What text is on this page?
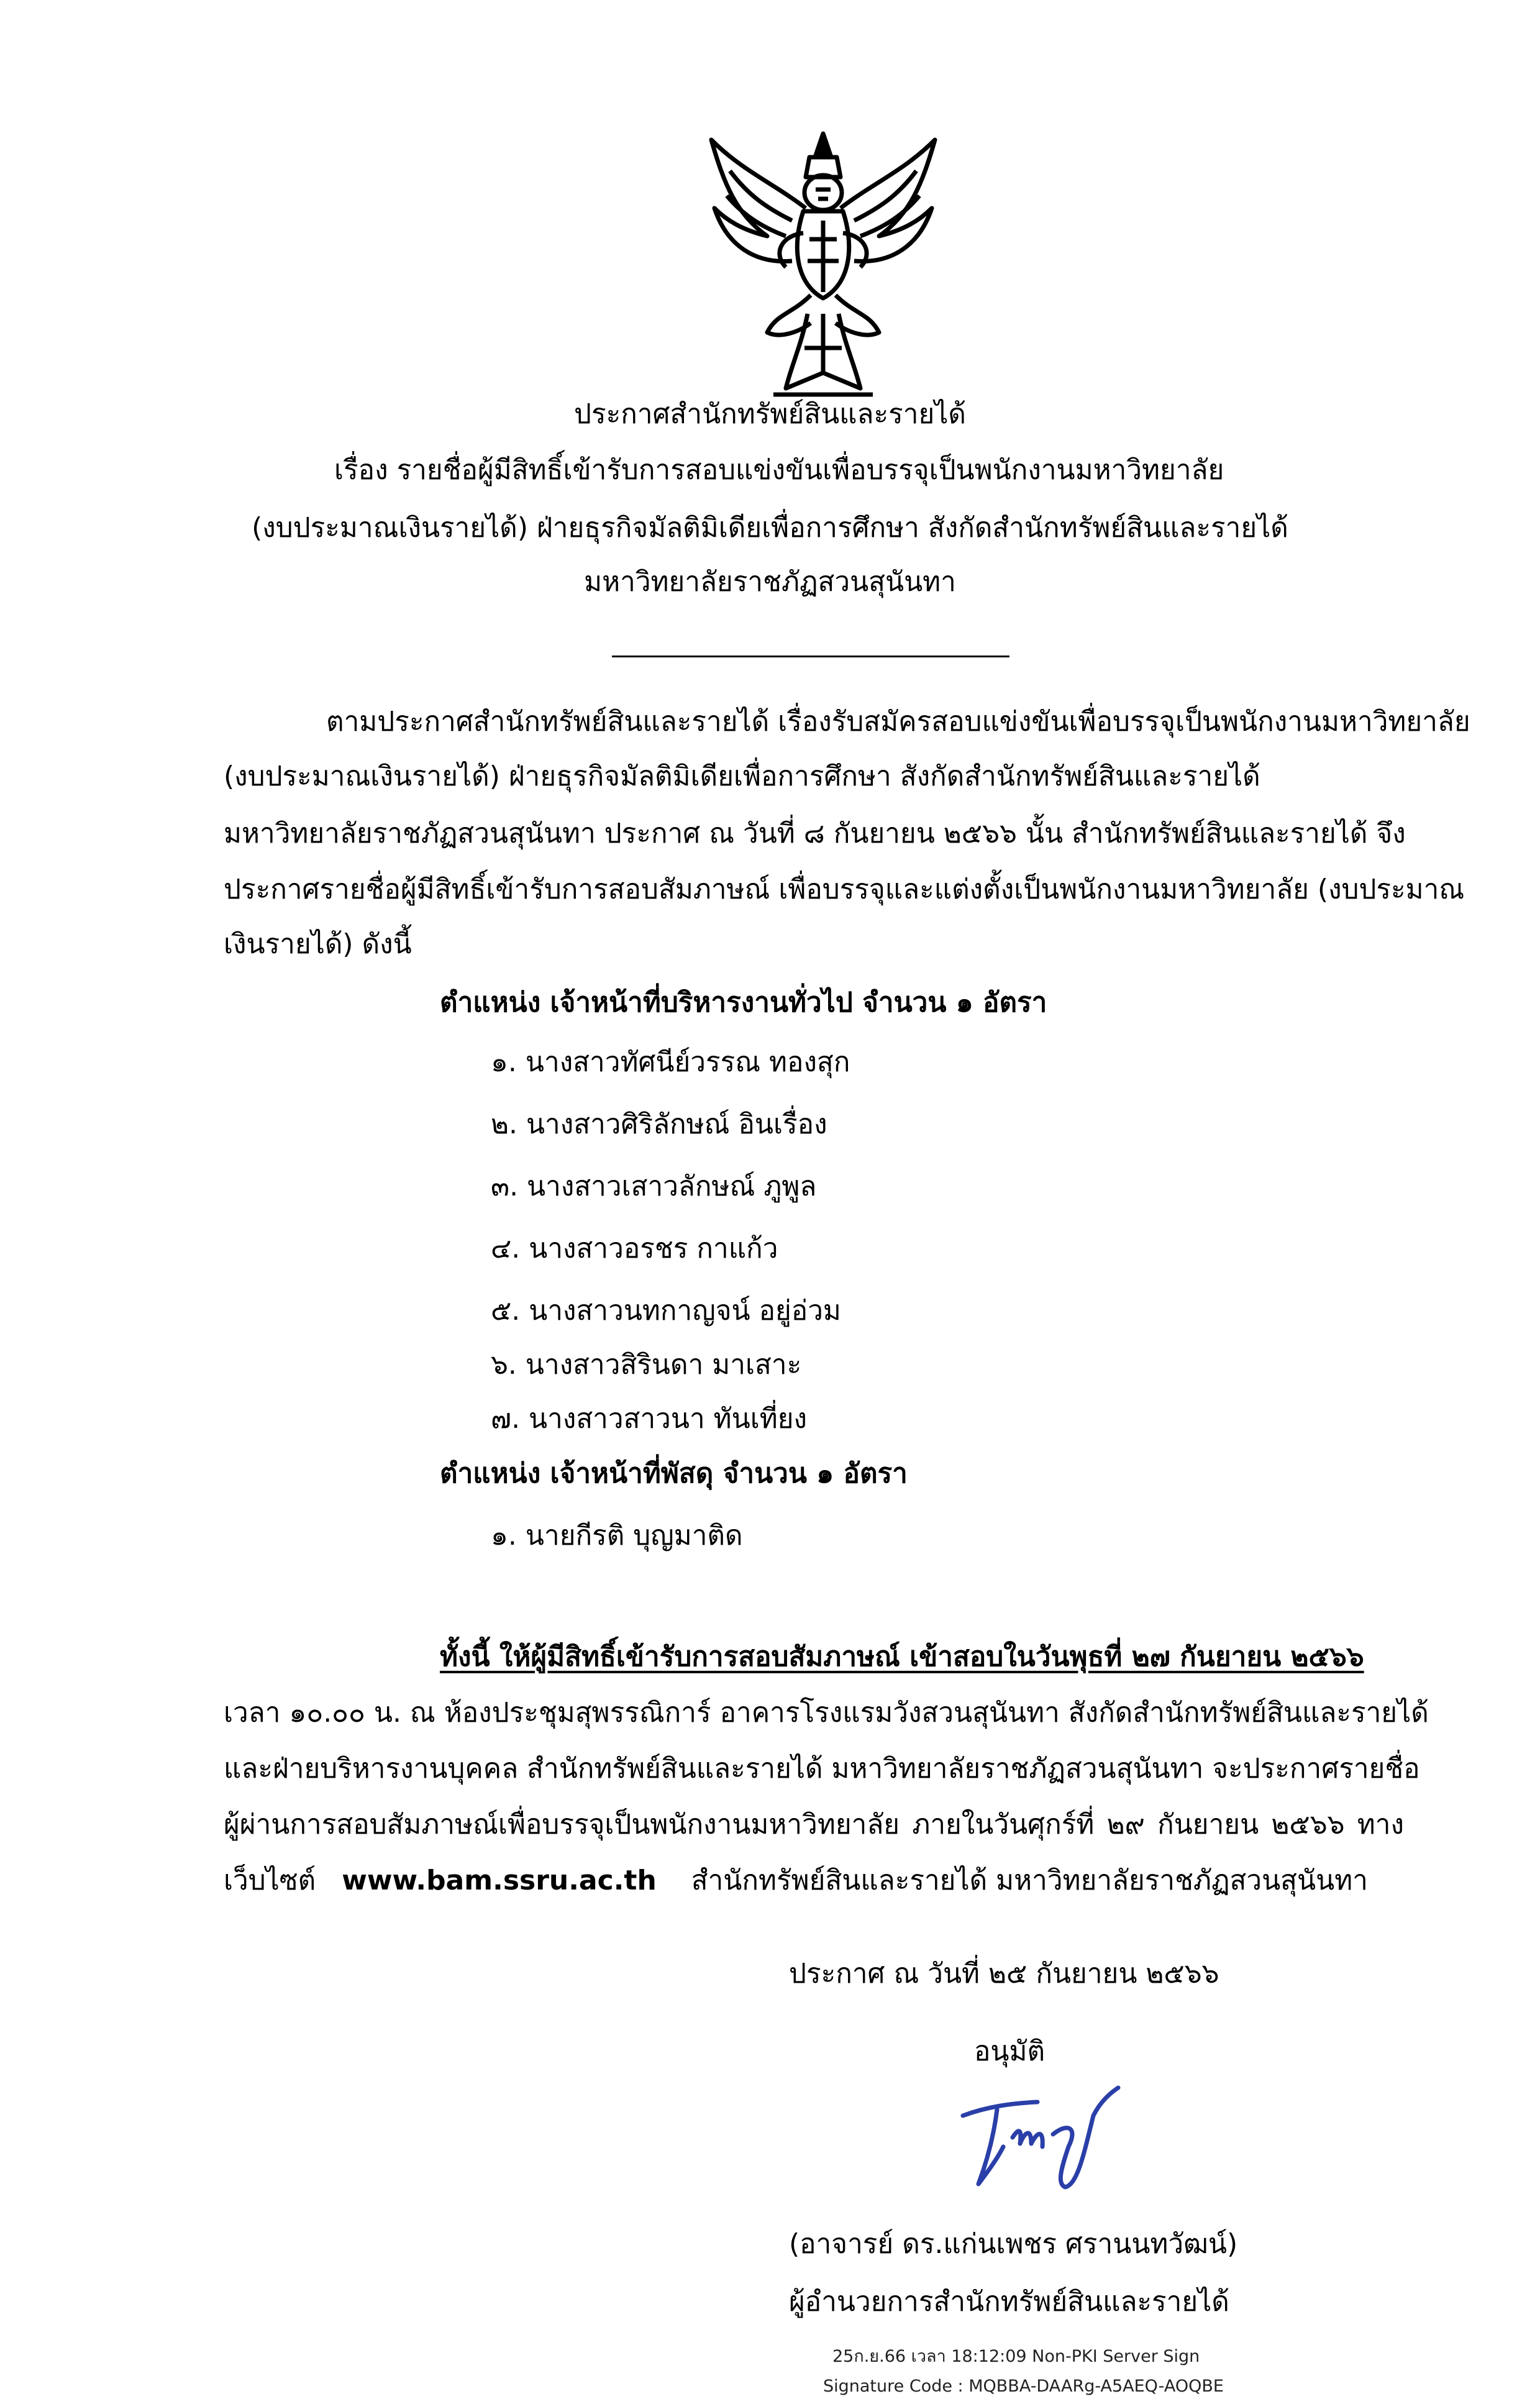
ประกาศสำนักทรัพย์สินและรายได้
เรื่อง รายชื่อผู้มีสิทธิ์เข้ารับการสอบแข่งขันเพื่อบรรจุเป็นพนักงานมหาวิทยาลัย
(งบประมาณเงินรายได้) ฝ่ายธุรกิจมัลติมิเดียเพื่อการศึกษา สังกัดสำนักทรัพย์สินและรายได้
มหาวิทยาลัยราชภัฏสวนสุนันทา
ตามประกาศสำนักทรัพย์สินและรายได้ เรื่องรับสมัครสอบแข่งขันเพื่อบรรจุเป็นพนักงานมหาวิทยาลัย
(งบประมาณเงินรายได้) ฝ่ายธุรกิจมัลติมิเดียเพื่อการศึกษา สังกัดสำนักทรัพย์สินและรายได้
มหาวิทยาลัยราชภัฏสวนสุนันทา ประกาศ ณ วันที่ ๘ กันยายน ๒๕๖๖ นั้น สำนักทรัพย์สินและรายได้ จึง
ประกาศรายชื่อผู้มีสิทธิ์เข้ารับการสอบสัมภาษณ์ เพื่อบรรจุและแต่งตั้งเป็นพนักงานมหาวิทยาลัย (งบประมาณ
เงินรายได้) ดังนี้
ตำแหน่ง เจ้าหน้าที่บริหารงานทั่วไป จำนวน ๑ อัตรา
๑. นางสาวทัศนีย์วรรณ ทองสุก
๒. นางสาวศิริลักษณ์ อินเรื่อง
๓. นางสาวเสาวลักษณ์ ภูพูล
๔. นางสาวอรชร กาแก้ว
๕. นางสาวนทกาญจน์ อยู่อ่วม
๖. นางสาวสิรินดา มาเสาะ
๗. นางสาวสาวนา ทันเที่ยง
ตำแหน่ง เจ้าหน้าที่พัสดุ จำนวน ๑ อัตรา
๑. นายกีรติ บุญมาติด
ทั้งนี้ ให้ผู้มีสิทธิ์เข้ารับการสอบสัมภาษณ์ เข้าสอบในวันพุธที่ ๒๗ กันยายน ๒๕๖๖
เวลา ๑๐.๐๐ น. ณ ห้องประชุมสุพรรณิการ์ อาคารโรงแรมวังสวนสุนันทา สังกัดสำนักทรัพย์สินและรายได้
และฝ่ายบริหารงานบุคคล สำนักทรัพย์สินและรายได้ มหาวิทยาลัยราชภัฏสวนสุนันทา จะประกาศรายชื่อ
ผู้ผ่านการสอบสัมภาษณ์เพื่อบรรจุเป็นพนักงานมหาวิทยาลัย ภายในวันศุกร์ที่ ๒๙ กันยายน ๒๕๖๖ ทาง
เว็บไซต์ www.bam.ssru.ac.th สำนักทรัพย์สินและรายได้ มหาวิทยาลัยราชภัฏสวนสุนันทา
ประกาศ ณ วันที่ ๒๕ กันยายน ๒๕๖๖
อนุมัติ
(อาจารย์ ดร.แก่นเพชร ศรานนทวัฒน์)
ผู้อำนวยการสำนักทรัพย์สินและรายได้
25ก.ย.66 เวลา 18:12:09 Non-PKI Server Sign
Signature Code : MQBBA-DAARg-A5AEQ-AOQBE
